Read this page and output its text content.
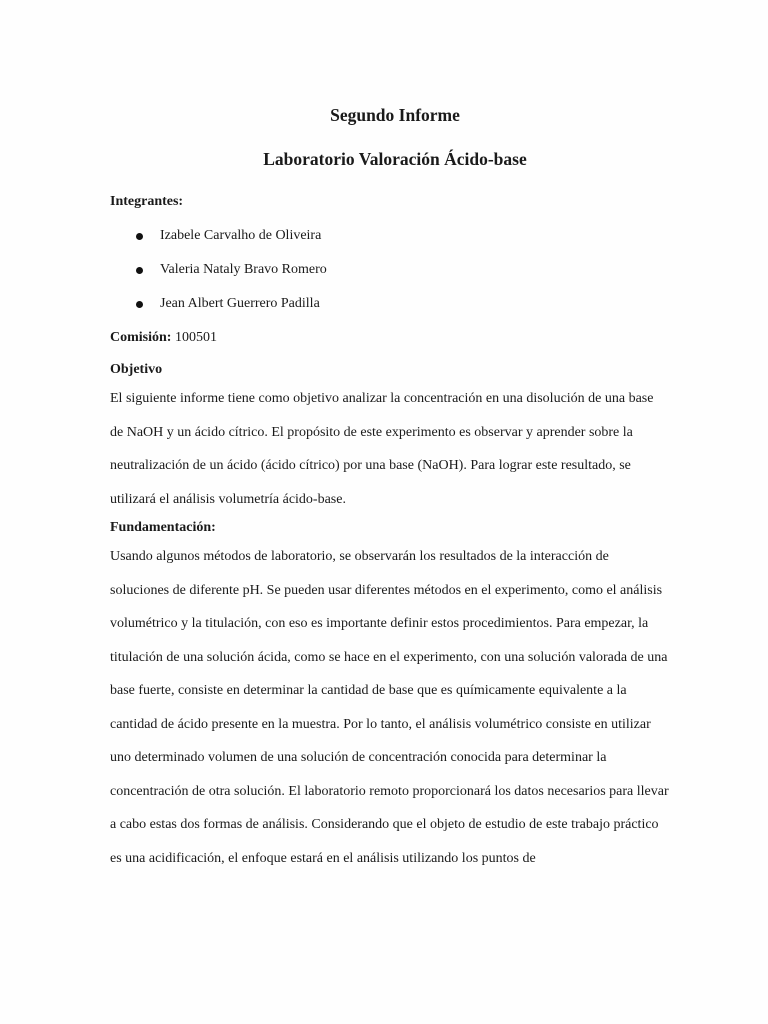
Segundo Informe
Laboratorio Valoración Ácido-base

Integrantes:

Izabele Carvalho de Oliveira
Valeria Nataly Bravo Romero
Jean Albert Guerrero Padilla

Comisión: 100501

Objetivo

El siguiente informe tiene como objetivo analizar la concentración en una disolución de una base de NaOH y un ácido cítrico. El propósito de este experimento es observar y aprender sobre la neutralización de un ácido (ácido cítrico) por una base (NaOH). Para lograr este resultado, se utilizará el análisis volumetría ácido-base.

Fundamentación:

Usando algunos métodos de laboratorio, se observarán los resultados de la interacción de soluciones de diferente pH. Se pueden usar diferentes métodos en el experimento, como el análisis volumétrico y la titulación, con eso es importante definir estos procedimientos. Para empezar, la titulación de una solución ácida, como se hace en el experimento, con una solución valorada de una base fuerte, consiste en determinar la cantidad de base que es químicamente equivalente a la cantidad de ácido presente en la muestra. Por lo tanto, el análisis volumétrico consiste en utilizar uno determinado volumen de una solución de concentración conocida para determinar la concentración de otra solución. El laboratorio remoto proporcionará los datos necesarios para llevar a cabo estas dos formas de análisis. Considerando que el objeto de estudio de este trabajo práctico es una acidificación, el enfoque estará en el análisis utilizando los puntos de
